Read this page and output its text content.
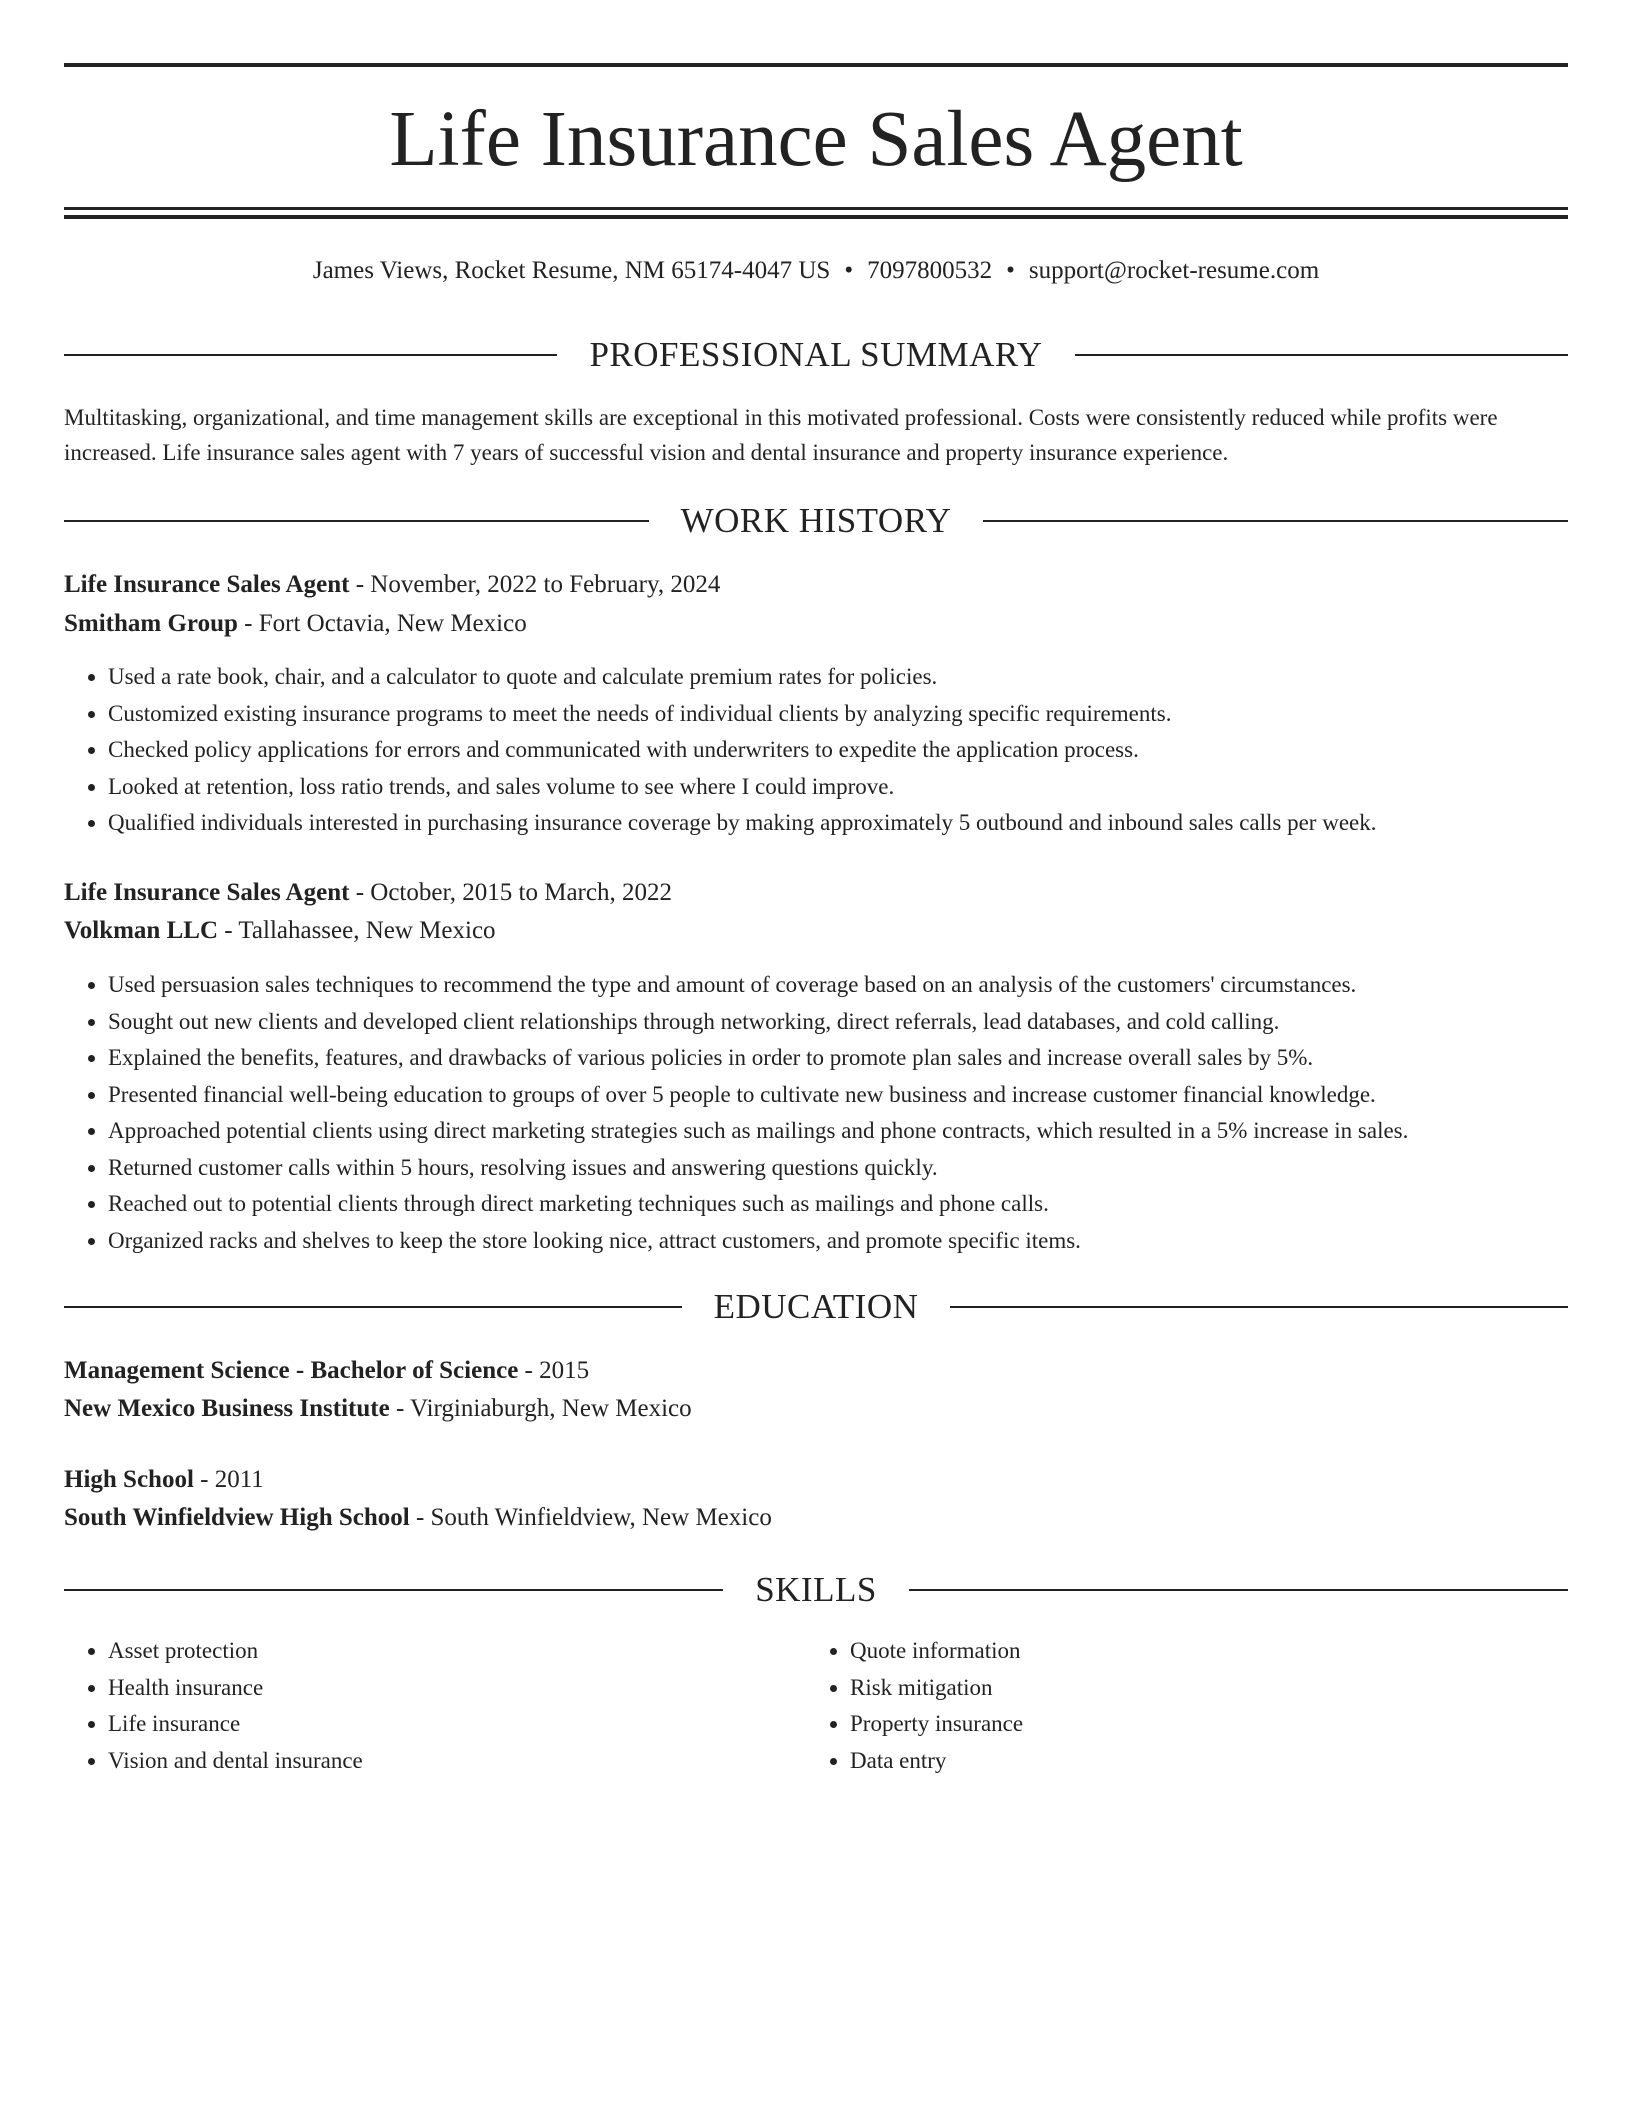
Life Insurance Sales Agent
James Views, Rocket Resume, NM 65174-4047 US • 7097800532 • support@rocket-resume.com
PROFESSIONAL SUMMARY
Multitasking, organizational, and time management skills are exceptional in this motivated professional. Costs were consistently reduced while profits were increased. Life insurance sales agent with 7 years of successful vision and dental insurance and property insurance experience.
WORK HISTORY
Life Insurance Sales Agent - November, 2022 to February, 2024
Smitham Group - Fort Octavia, New Mexico
• Used a rate book, chair, and a calculator to quote and calculate premium rates for policies.
• Customized existing insurance programs to meet the needs of individual clients by analyzing specific requirements.
• Checked policy applications for errors and communicated with underwriters to expedite the application process.
• Looked at retention, loss ratio trends, and sales volume to see where I could improve.
• Qualified individuals interested in purchasing insurance coverage by making approximately 5 outbound and inbound sales calls per week.
Life Insurance Sales Agent - October, 2015 to March, 2022
Volkman LLC - Tallahassee, New Mexico
• Used persuasion sales techniques to recommend the type and amount of coverage based on an analysis of the customers' circumstances.
• Sought out new clients and developed client relationships through networking, direct referrals, lead databases, and cold calling.
• Explained the benefits, features, and drawbacks of various policies in order to promote plan sales and increase overall sales by 5%.
• Presented financial well-being education to groups of over 5 people to cultivate new business and increase customer financial knowledge.
• Approached potential clients using direct marketing strategies such as mailings and phone contracts, which resulted in a 5% increase in sales.
• Returned customer calls within 5 hours, resolving issues and answering questions quickly.
• Reached out to potential clients through direct marketing techniques such as mailings and phone calls.
• Organized racks and shelves to keep the store looking nice, attract customers, and promote specific items.
EDUCATION
Management Science - Bachelor of Science - 2015
New Mexico Business Institute - Virginiaburgh, New Mexico
High School - 2011
South Winfieldview High School - South Winfieldview, New Mexico
SKILLS
• Asset protection
• Health insurance
• Life insurance
• Vision and dental insurance
• Quote information
• Risk mitigation
• Property insurance
• Data entry
